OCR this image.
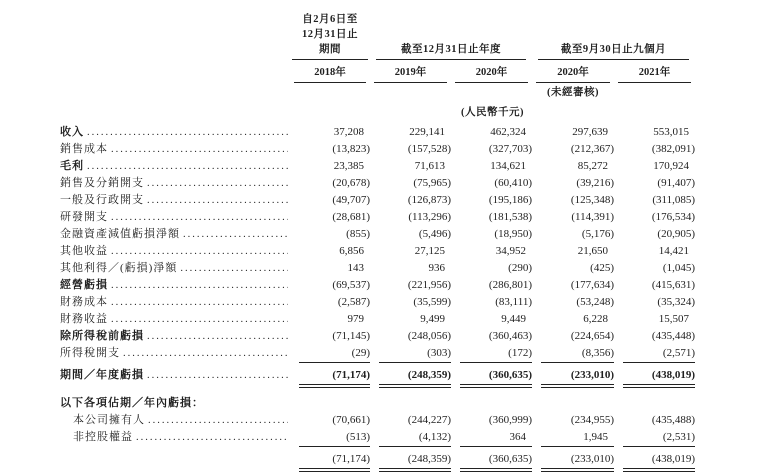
自2月6日至
12月31日止
期間	截至12月31日止年度	截至9月30日止九個月
2018年	2019年	2020年	2020年	2021年
(未經審核)
(人民幣千元)
收入 .....	37,208	229,141	462,324	297,639	553,015
銷售成本 .....	(13,823)	(157,528)	(327,703)	(212,367)	(382,091)
毛利 .....	23,385	71,613	134,621	85,272	170,924
銷售及分銷開支 .....	(20,678)	(75,965)	(60,410)	(39,216)	(91,407)
一般及行政開支 .....	(49,707)	(126,873)	(195,186)	(125,348)	(311,085)
研發開支 .....	(28,681)	(113,296)	(181,538)	(114,391)	(176,534)
金融資產減值虧損淨額 .....	(855)	(5,496)	(18,950)	(5,176)	(20,905)
其他收益 .....	6,856	27,125	34,952	21,650	14,421
其他利得／(虧損)淨額 .....	143	936	(290)	(425)	(1,045)
經營虧損 .....	(69,537)	(221,956)	(286,801)	(177,634)	(415,631)
財務成本 .....	(2,587)	(35,599)	(83,111)	(53,248)	(35,324)
財務收益 .....	979	9,499	9,449	6,228	15,507
除所得稅前虧損 .....	(71,145)	(248,056)	(360,463)	(224,654)	(435,448)
所得稅開支 .....	(29)	(303)	(172)	(8,356)	(2,571)
期間／年度虧損 .....	(71,174)	(248,359)	(360,635)	(233,010)	(438,019)
以下各項佔期／年內虧損：
本公司擁有人 .....	(70,661)	(244,227)	(360,999)	(234,955)	(435,488)
非控股權益 .....	(513)	(4,132)	364	1,945	(2,531)
(71,174)	(248,359)	(360,635)	(233,010)	(438,019)
